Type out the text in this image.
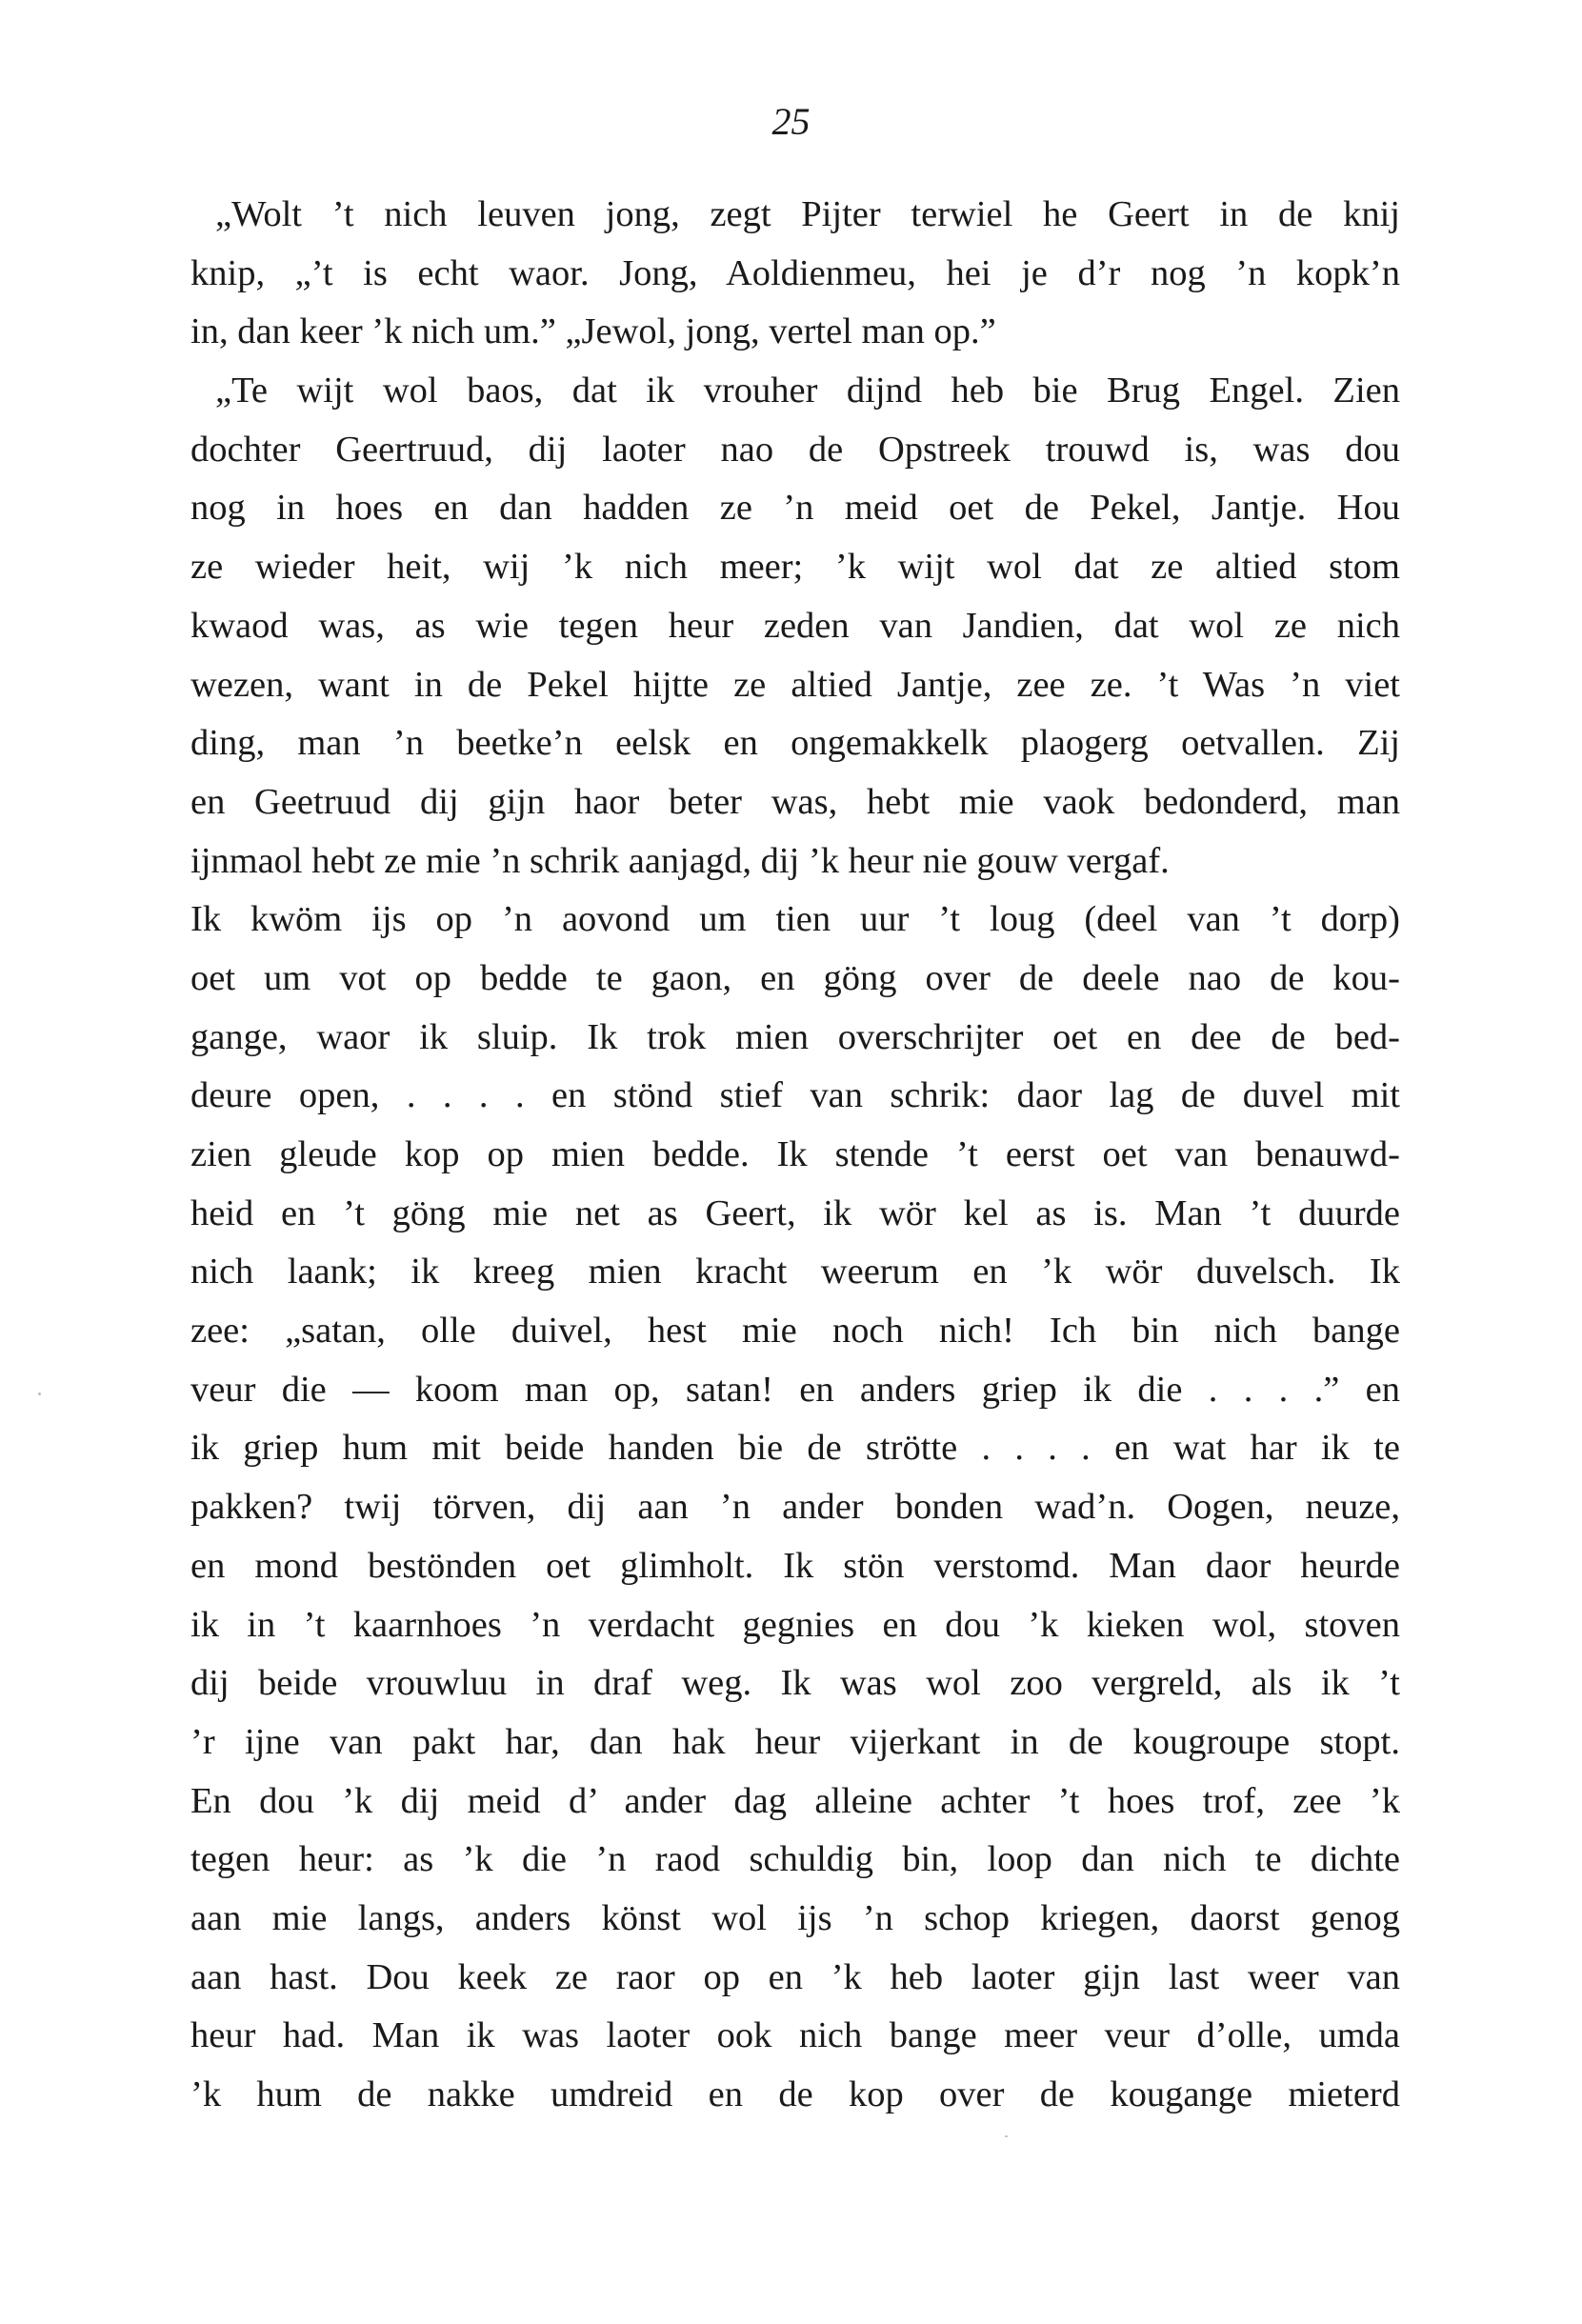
25
„Wolt ’t nich leuven jong, zegt Pijter terwiel he Geert in de knij
knip, „’t is echt waor. Jong, Aoldienmeu, hei je d’r nog ’n kopk’n
in, dan keer ’k nich um.” „Jewol, jong, vertel man op.”
„Te wijt wol baos, dat ik vrouher dijnd heb bie Brug Engel. Zien
dochter Geertruud, dij laoter nao de Opstreek trouwd is, was dou
nog in hoes en dan hadden ze ’n meid oet de Pekel, Jantje. Hou
ze wieder heit, wij ’k nich meer; ’k wijt wol dat ze altied stom
kwaod was, as wie tegen heur zeden van Jandien, dat wol ze nich
wezen, want in de Pekel hijtte ze altied Jantje, zee ze. ’t Was ’n viet
ding, man ’n beetke’n eelsk en ongemakkelk plaogerg oetvallen. Zij
en Geetruud dij gijn haor beter was, hebt mie vaok bedonderd, man
ijnmaol hebt ze mie ’n schrik aanjagd, dij ’k heur nie gouw vergaf.
Ik kwöm ijs op ’n aovond um tien uur ’t loug (deel van ’t dorp)
oet um vot op bedde te gaon, en göng over de deele nao de kou-
gange, waor ik sluip. Ik trok mien overschrijter oet en dee de bed-
deure open, . . . . en stönd stief van schrik: daor lag de duvel mit
zien gleude kop op mien bedde. Ik stende ’t eerst oet van benauwd-
heid en ’t göng mie net as Geert, ik wör kel as is. Man ’t duurde
nich laank; ik kreeg mien kracht weerum en ’k wör duvelsch. Ik
zee: „satan, olle duivel, hest mie noch nich! Ich bin nich bange
veur die — koom man op, satan! en anders griep ik die . . . .” en
ik griep hum mit beide handen bie de strötte . . . . en wat har ik te
pakken? twij törven, dij aan ’n ander bonden wad’n. Oogen, neuze,
en mond bestönden oet glimholt. Ik stön verstomd. Man daor heurde
ik in ’t kaarnhoes ’n verdacht gegnies en dou ’k kieken wol, stoven
dij beide vrouwluu in draf weg. Ik was wol zoo vergreld, als ik ’t
’r ijne van pakt har, dan hak heur vijerkant in de kougroupe stopt.
En dou ’k dij meid d’ ander dag alleine achter ’t hoes trof, zee ’k
tegen heur: as ’k die ’n raod schuldig bin, loop dan nich te dichte
aan mie langs, anders könst wol ijs ’n schop kriegen, daorst genog
aan hast. Dou keek ze raor op en ’k heb laoter gijn last weer van
heur had. Man ik was laoter ook nich bange meer veur d’olle, umda
’k hum de nakke umdreid en de kop over de kougange mieterd
